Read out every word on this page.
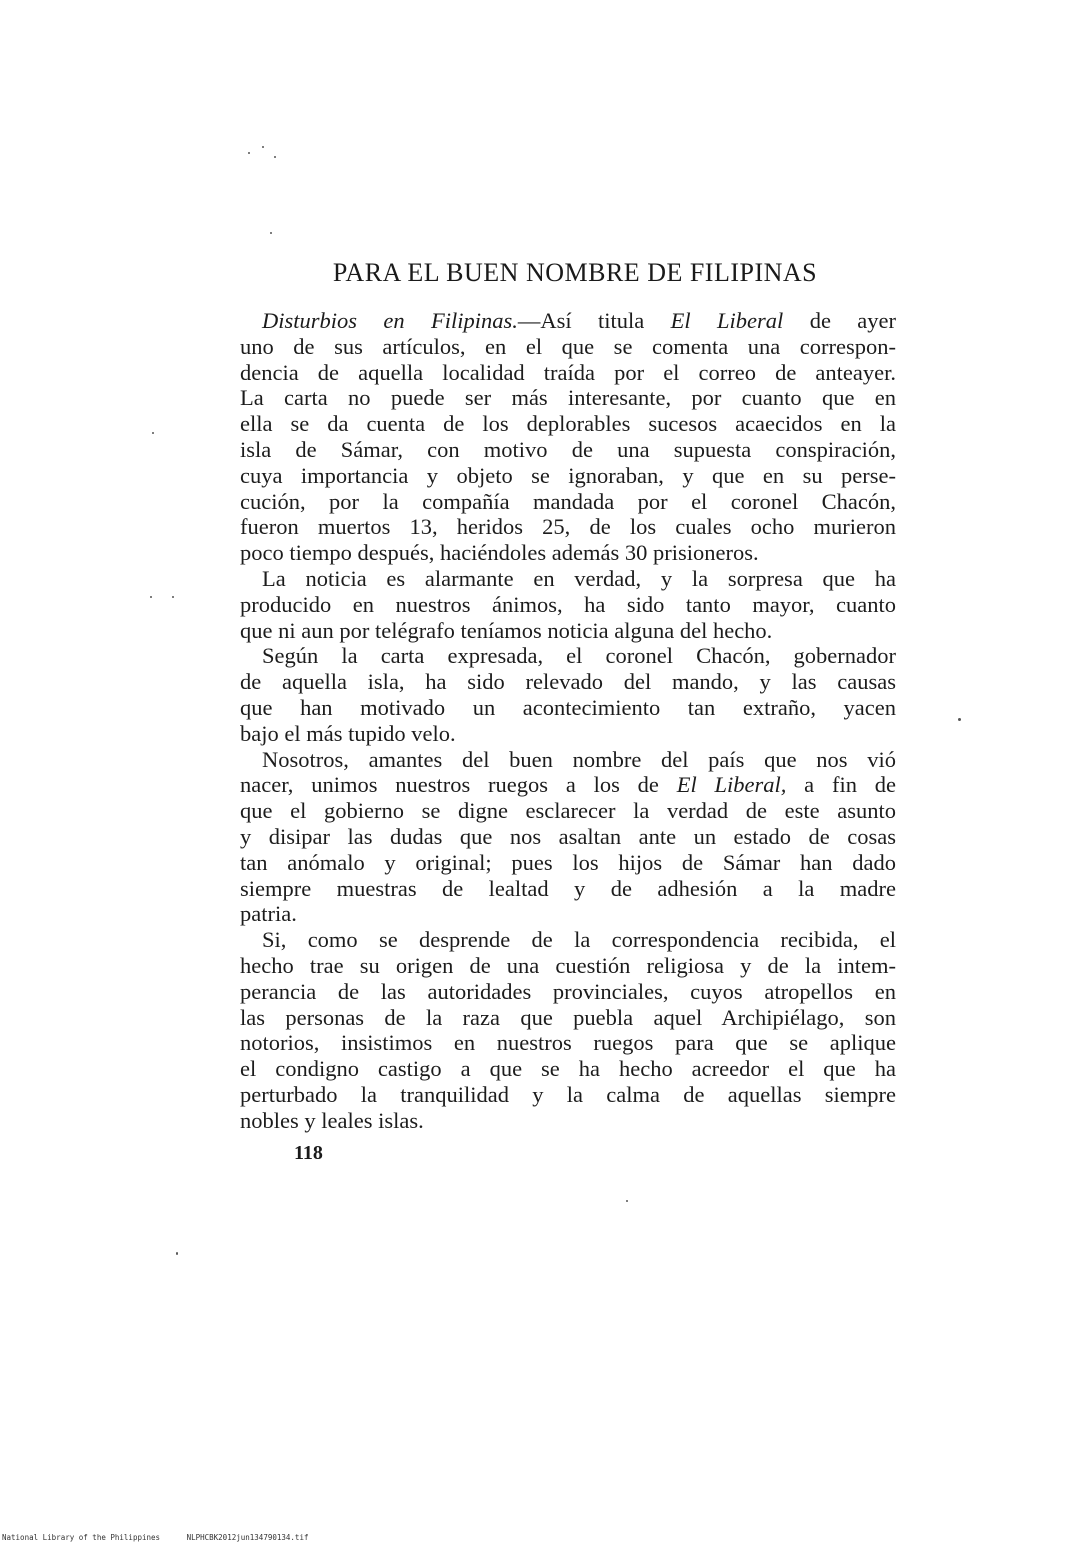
PARA EL BUEN NOMBRE DE FILIPINAS
Disturbios en Filipinas.—Así titula El Liberal de ayer
uno de sus artículos, en el que se comenta una correspon-
dencia de aquella localidad traída por el correo de anteayer.
La carta no puede ser más interesante, por cuanto que en
ella se da cuenta de los deplorables sucesos acaecidos en la
isla de Sámar, con motivo de una supuesta conspiración,
cuya importancia y objeto se ignoraban, y que en su perse-
cución, por la compañía mandada por el coronel Chacón,
fueron muertos 13, heridos 25, de los cuales ocho murieron
poco tiempo después, haciéndoles además 30 prisioneros.
La noticia es alarmante en verdad, y la sorpresa que ha
producido en nuestros ánimos, ha sido tanto mayor, cuanto
que ni aun por telégrafo teníamos noticia alguna del hecho.
Según la carta expresada, el coronel Chacón, gobernador
de aquella isla, ha sido relevado del mando, y las causas
que han motivado un acontecimiento tan extraño, yacen
bajo el más tupido velo.
Nosotros, amantes del buen nombre del país que nos vió
nacer, unimos nuestros ruegos a los de El Liberal, a fin de
que el gobierno se digne esclarecer la verdad de este asunto
y disipar las dudas que nos asaltan ante un estado de cosas
tan anómalo y original; pues los hijos de Sámar han dado
siempre muestras de lealtad y de adhesión a la madre
patria.
Si, como se desprende de la correspondencia recibida, el
hecho trae su origen de una cuestión religiosa y de la intem-
perancia de las autoridades provinciales, cuyos atropellos en
las personas de la raza que puebla aquel Archipiélago, son
notorios, insistimos en nuestros ruegos para que se aplique
el condigno castigo a que se ha hecho acreedor el que ha
perturbado la tranquilidad y la calma de aquellas siempre
nobles y leales islas.
118
National Library of the Philippines	NLPHCBK2012jun134790134.tif
